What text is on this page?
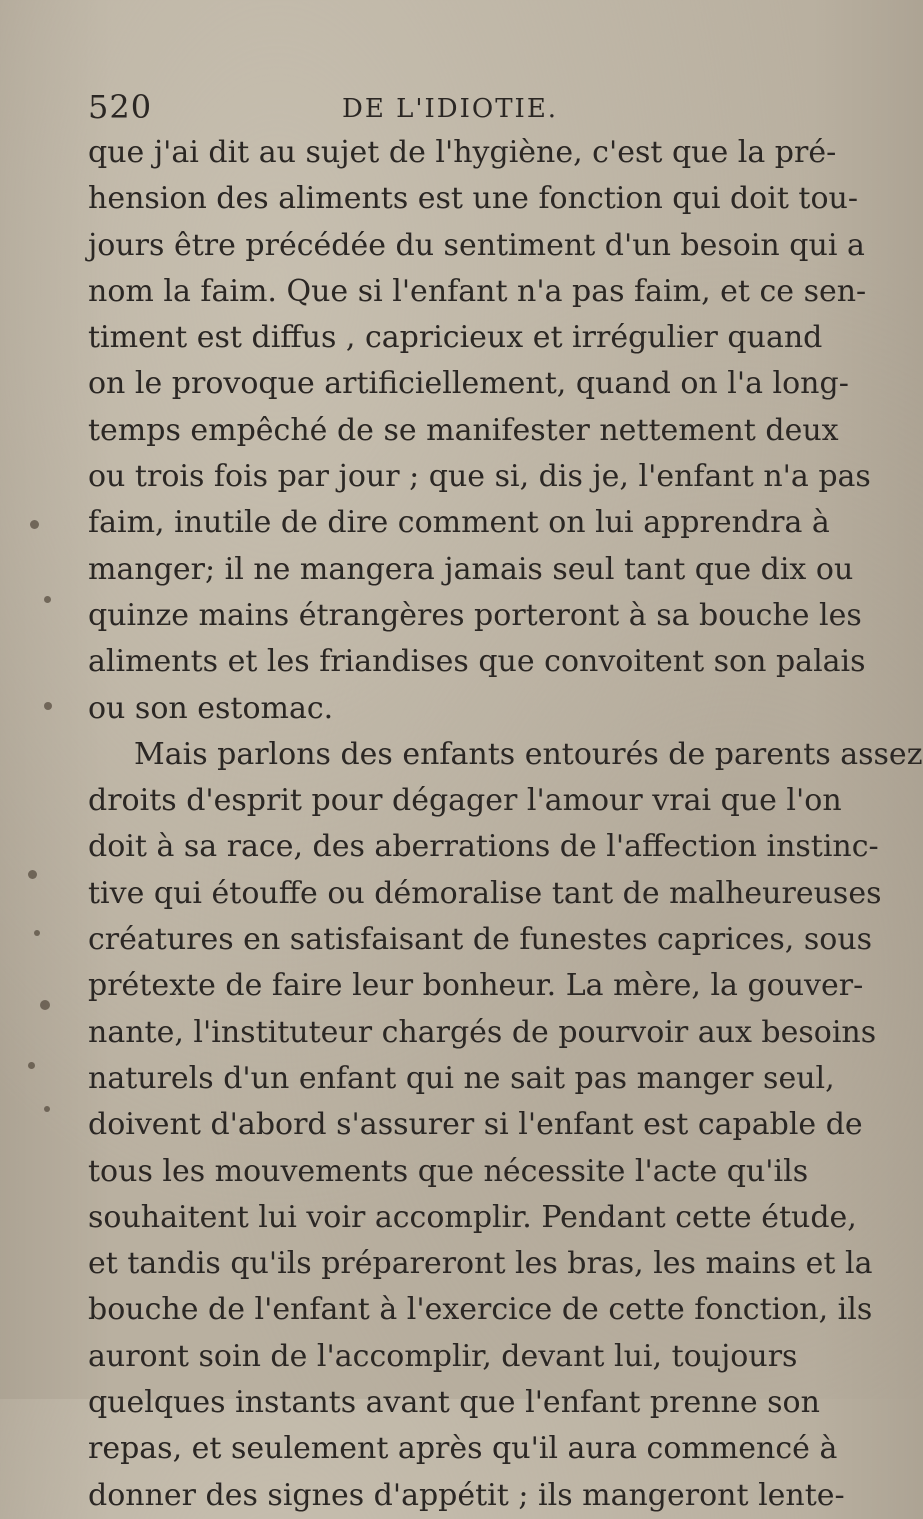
520	DE L'IDIOTIE.
que j'ai dit au sujet de l'hygiène, c'est que la pré-
hension des aliments est une fonction qui doit tou-
jours être précédée du sentiment d'un besoin qui a
nom la faim. Que si l'enfant n'a pas faim, et ce sen-
timent est diffus , capricieux et irrégulier quand
on le provoque artificiellement, quand on l'a long-
temps empêché de se manifester nettement deux
ou trois fois par jour ; que si, dis je, l'enfant n'a pas
faim, inutile de dire comment on lui apprendra à
manger; il ne mangera jamais seul tant que dix ou
quinze mains étrangères porteront à sa bouche les
aliments et les friandises que convoitent son palais
ou son estomac.
Mais parlons des enfants entourés de parents assez
droits d'esprit pour dégager l'amour vrai que l'on
doit à sa race, des aberrations de l'affection instinc-
tive qui étouffe ou démoralise tant de malheureuses
créatures en satisfaisant de funestes caprices, sous
prétexte de faire leur bonheur. La mère, la gouver-
nante, l'instituteur chargés de pourvoir aux besoins
naturels d'un enfant qui ne sait pas manger seul,
doivent d'abord s'assurer si l'enfant est capable de
tous les mouvements que nécessite l'acte qu'ils
souhaitent lui voir accomplir. Pendant cette étude,
et tandis qu'ils prépareront les bras, les mains et la
bouche de l'enfant à l'exercice de cette fonction, ils
auront soin de l'accomplir, devant lui, toujours
quelques instants avant que l'enfant prenne son
repas, et seulement après qu'il aura commencé à
donner des signes d'appétit ; ils mangeront lente-
